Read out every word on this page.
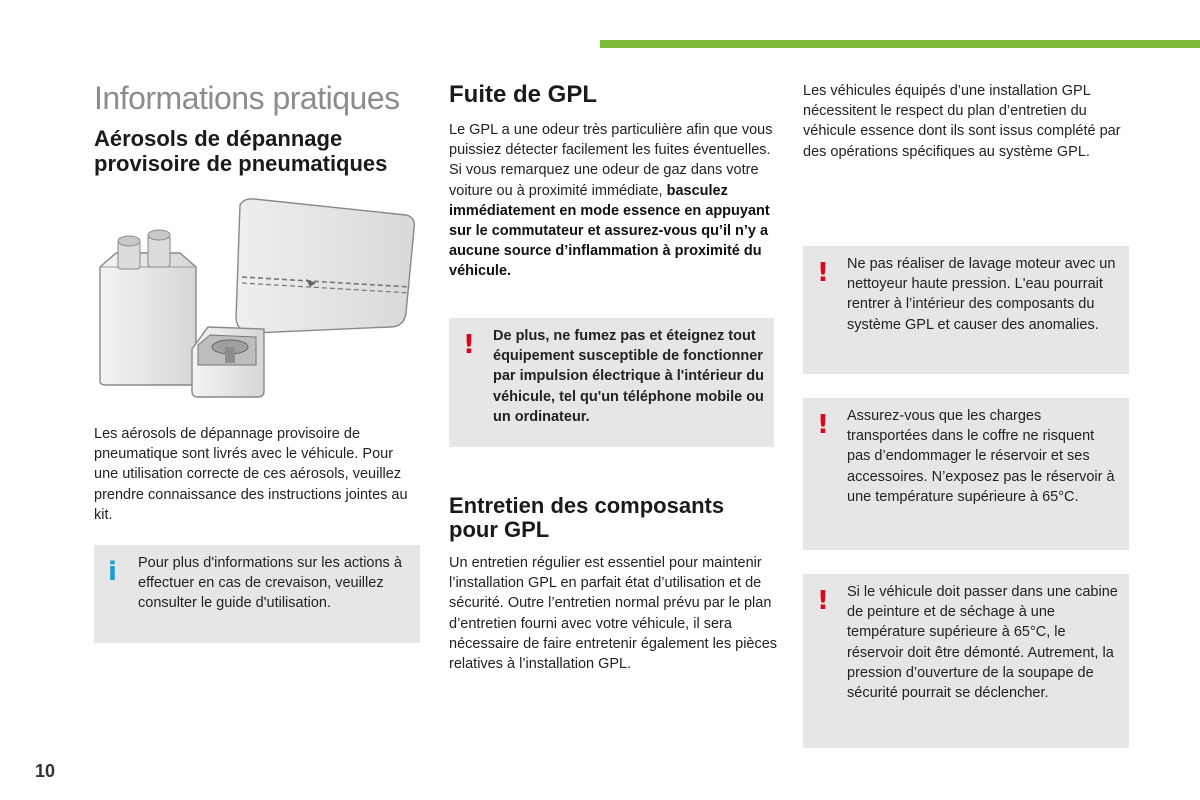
Informations pratiques
Aérosols de dépannage provisoire de pneumatiques

Les aérosols de dépannage provisoire de pneumatique sont livrés avec le véhicule. Pour une utilisation correcte de ces aérosols, veuillez prendre connaissance des instructions jointes au kit.

i Pour plus d'informations sur les actions à effectuer en cas de crevaison, veuillez consulter le guide d'utilisation.

Fuite de GPL

Le GPL a une odeur très particulière afin que vous puissiez détecter facilement les fuites éventuelles. Si vous remarquez une odeur de gaz dans votre voiture ou à proximité immédiate, basculez immédiatement en mode essence en appuyant sur le commutateur et assurez-vous qu’il n’y a aucune source d’inflammation à proximité du véhicule.

! De plus, ne fumez pas et éteignez tout équipement susceptible de fonctionner par impulsion électrique à l'intérieur du véhicule, tel qu'un téléphone mobile ou un ordinateur.

Entretien des composants pour GPL

Un entretien régulier est essentiel pour maintenir l’installation GPL en parfait état d’utilisation et de sécurité. Outre l’entretien normal prévu par le plan d’entretien fourni avec votre véhicule, il sera nécessaire de faire entretenir également les pièces relatives à l’installation GPL.

Les véhicules équipés d’une installation GPL nécessitent le respect du plan d’entretien du véhicule essence dont ils sont issus complété par des opérations spécifiques au système GPL.

! Ne pas réaliser de lavage moteur avec un nettoyeur haute pression. L'eau pourrait rentrer à l’intérieur des composants du système GPL et causer des anomalies.

! Assurez-vous que les charges transportées dans le coffre ne risquent pas d’endommager le réservoir et ses accessoires. N’exposez pas le réservoir à une température supérieure à 65°C.

! Si le véhicule doit passer dans une cabine de peinture et de séchage à une température supérieure à 65°C, le réservoir doit être démonté. Autrement, la pression d’ouverture de la soupape de sécurité pourrait se déclencher.

10
